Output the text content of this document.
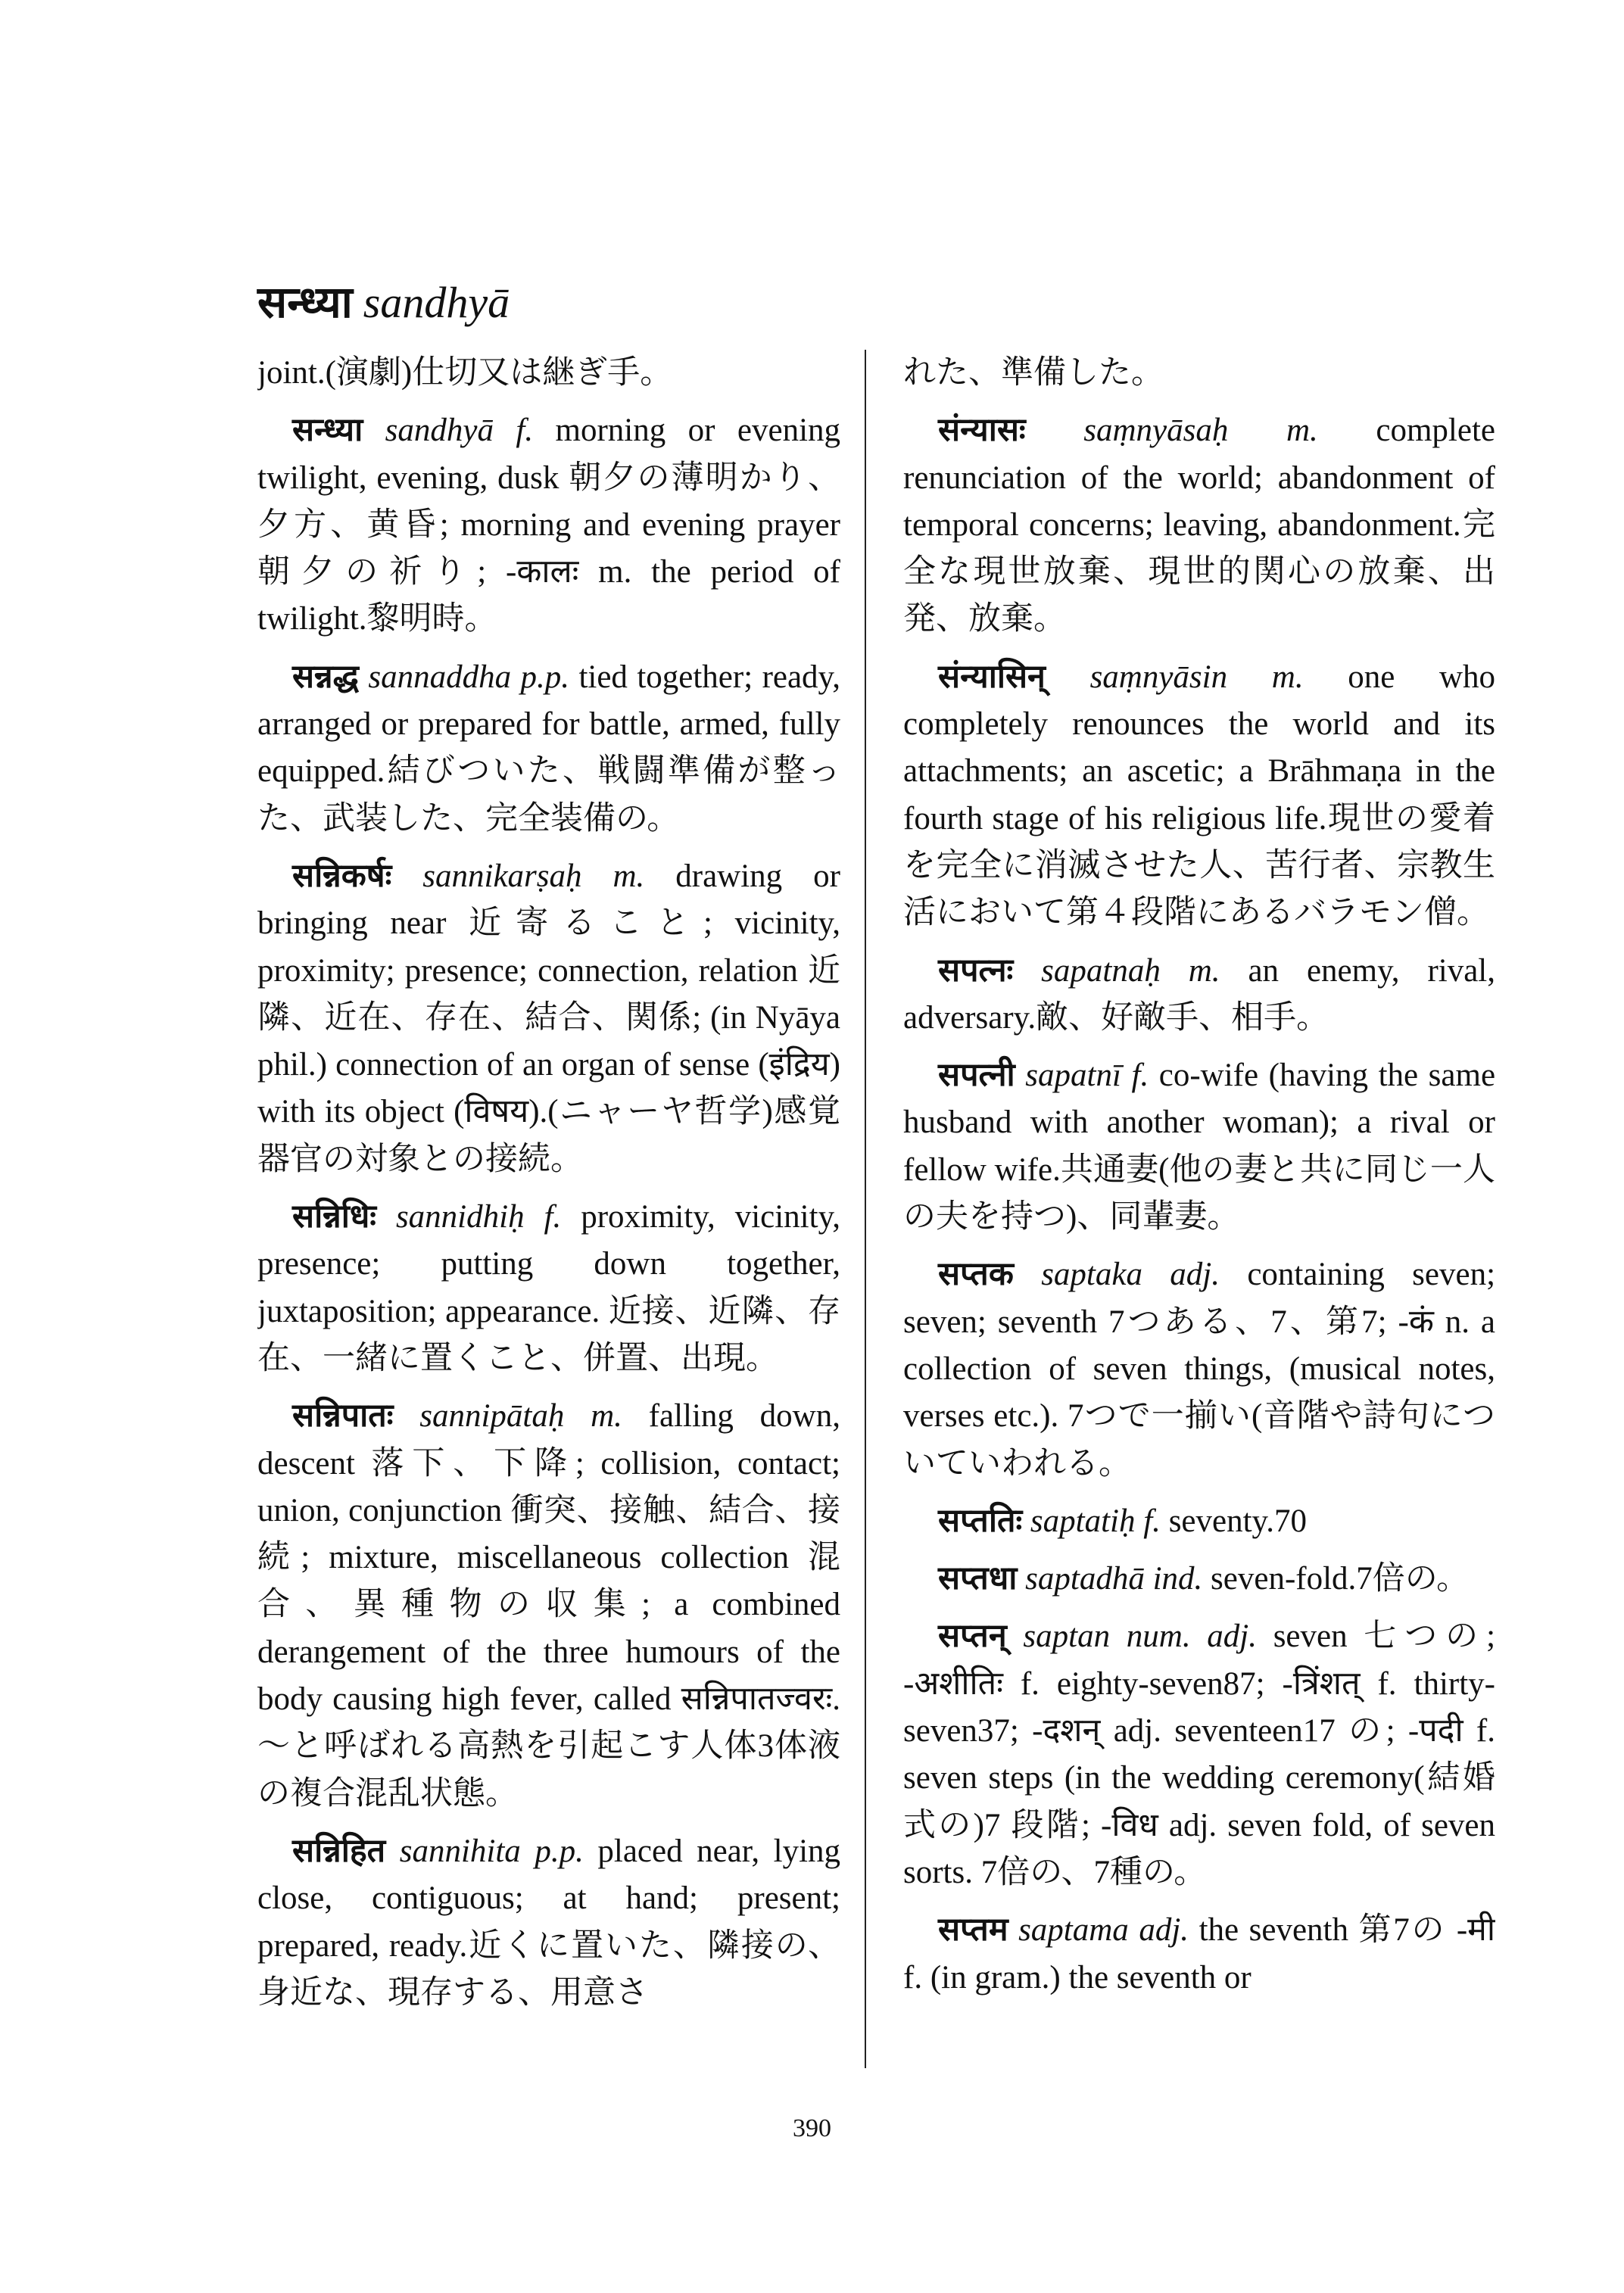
सन्ध्या sandhyā

joint.(演劇)仕切又は継ぎ手。

सन्ध्या sandhyā f. morning or evening twilight, evening, dusk 朝夕の薄明かり、夕方、黄昏; morning and evening prayer 朝夕の祈り; -कालः m. the period of twilight.黎明時。

सन्नद्ध sannaddha p.p. tied together; ready, arranged or prepared for battle, armed, fully equipped.結びついた、戦闘準備が整った、武装した、完全装備の。

सन्निकर्षः sannikarṣaḥ m. drawing or bringing near 近寄ること; vicinity, proximity; presence; connection, relation 近隣、近在、存在、結合、関係; (in Nyāya phil.) connection of an organ of sense (इंद्रिय) with its object (विषय).(ニャーヤ哲学)感覚器官の対象との接続。

सन्निधिः sannidhiḥ f. proximity, vicinity, presence; putting down together, juxtaposition; appearance. 近接、近隣、存在、一緒に置くこと、併置、出現。

सन्निपातः sannipātaḥ m. falling down, descent 落下、下降; collision, contact; union, conjunction 衝突、接触、結合、接続; mixture, miscellaneous collection 混合、異種物の収集; a combined derangement of the three humours of the body causing high fever, called सन्निपातज्वरः.～と呼ばれる高熱を引起こす人体3体液の複合混乱状態。

सन्निहित sannihita p.p. placed near, lying close, contiguous; at hand; present; prepared, ready.近くに置いた、隣接の、身近な、現存する、用意さ

れた、準備した。

संन्यासः saṃnyāsaḥ m. complete renunciation of the world; abandonment of temporal concerns; leaving, abandonment.完全な現世放棄、現世的関心の放棄、出発、放棄。

संन्यासिन् saṃnyāsin m. one who completely renounces the world and its attachments; an ascetic; a Brāhmaṇa in the fourth stage of his religious life.現世の愛着を完全に消滅させた人、苦行者、宗教生活において第４段階にあるバラモン僧。

सपत्नः sapatnaḥ m. an enemy, rival, adversary.敵、好敵手、相手。

सपत्नी sapatnī f. co-wife (having the same husband with another woman); a rival or fellow wife.共通妻(他の妻と共に同じ一人の夫を持つ)、同輩妻。

सप्तक saptaka adj. containing seven; seven; seventh 7つある、7、第7; -कं n. a collection of seven things, (musical notes, verses etc.). 7つで一揃い(音階や詩句についていわれる。

सप्ततिः saptatiḥ f. seventy.70

सप्तधा saptadhā ind. seven-fold.7倍の。

सप्तन् saptan num. adj. seven 七つの; -अशीतिः f. eighty-seven87; -त्रिंशत् f. thirty-seven37; -दशन् adj. seventeen17 の; -पदी f. seven steps (in the wedding ceremony(結婚式の)7 段階; -विध adj. seven fold, of seven sorts. 7倍の、7種の。

सप्तम saptama adj. the seventh 第7の -मी f. (in gram.) the seventh or

390
